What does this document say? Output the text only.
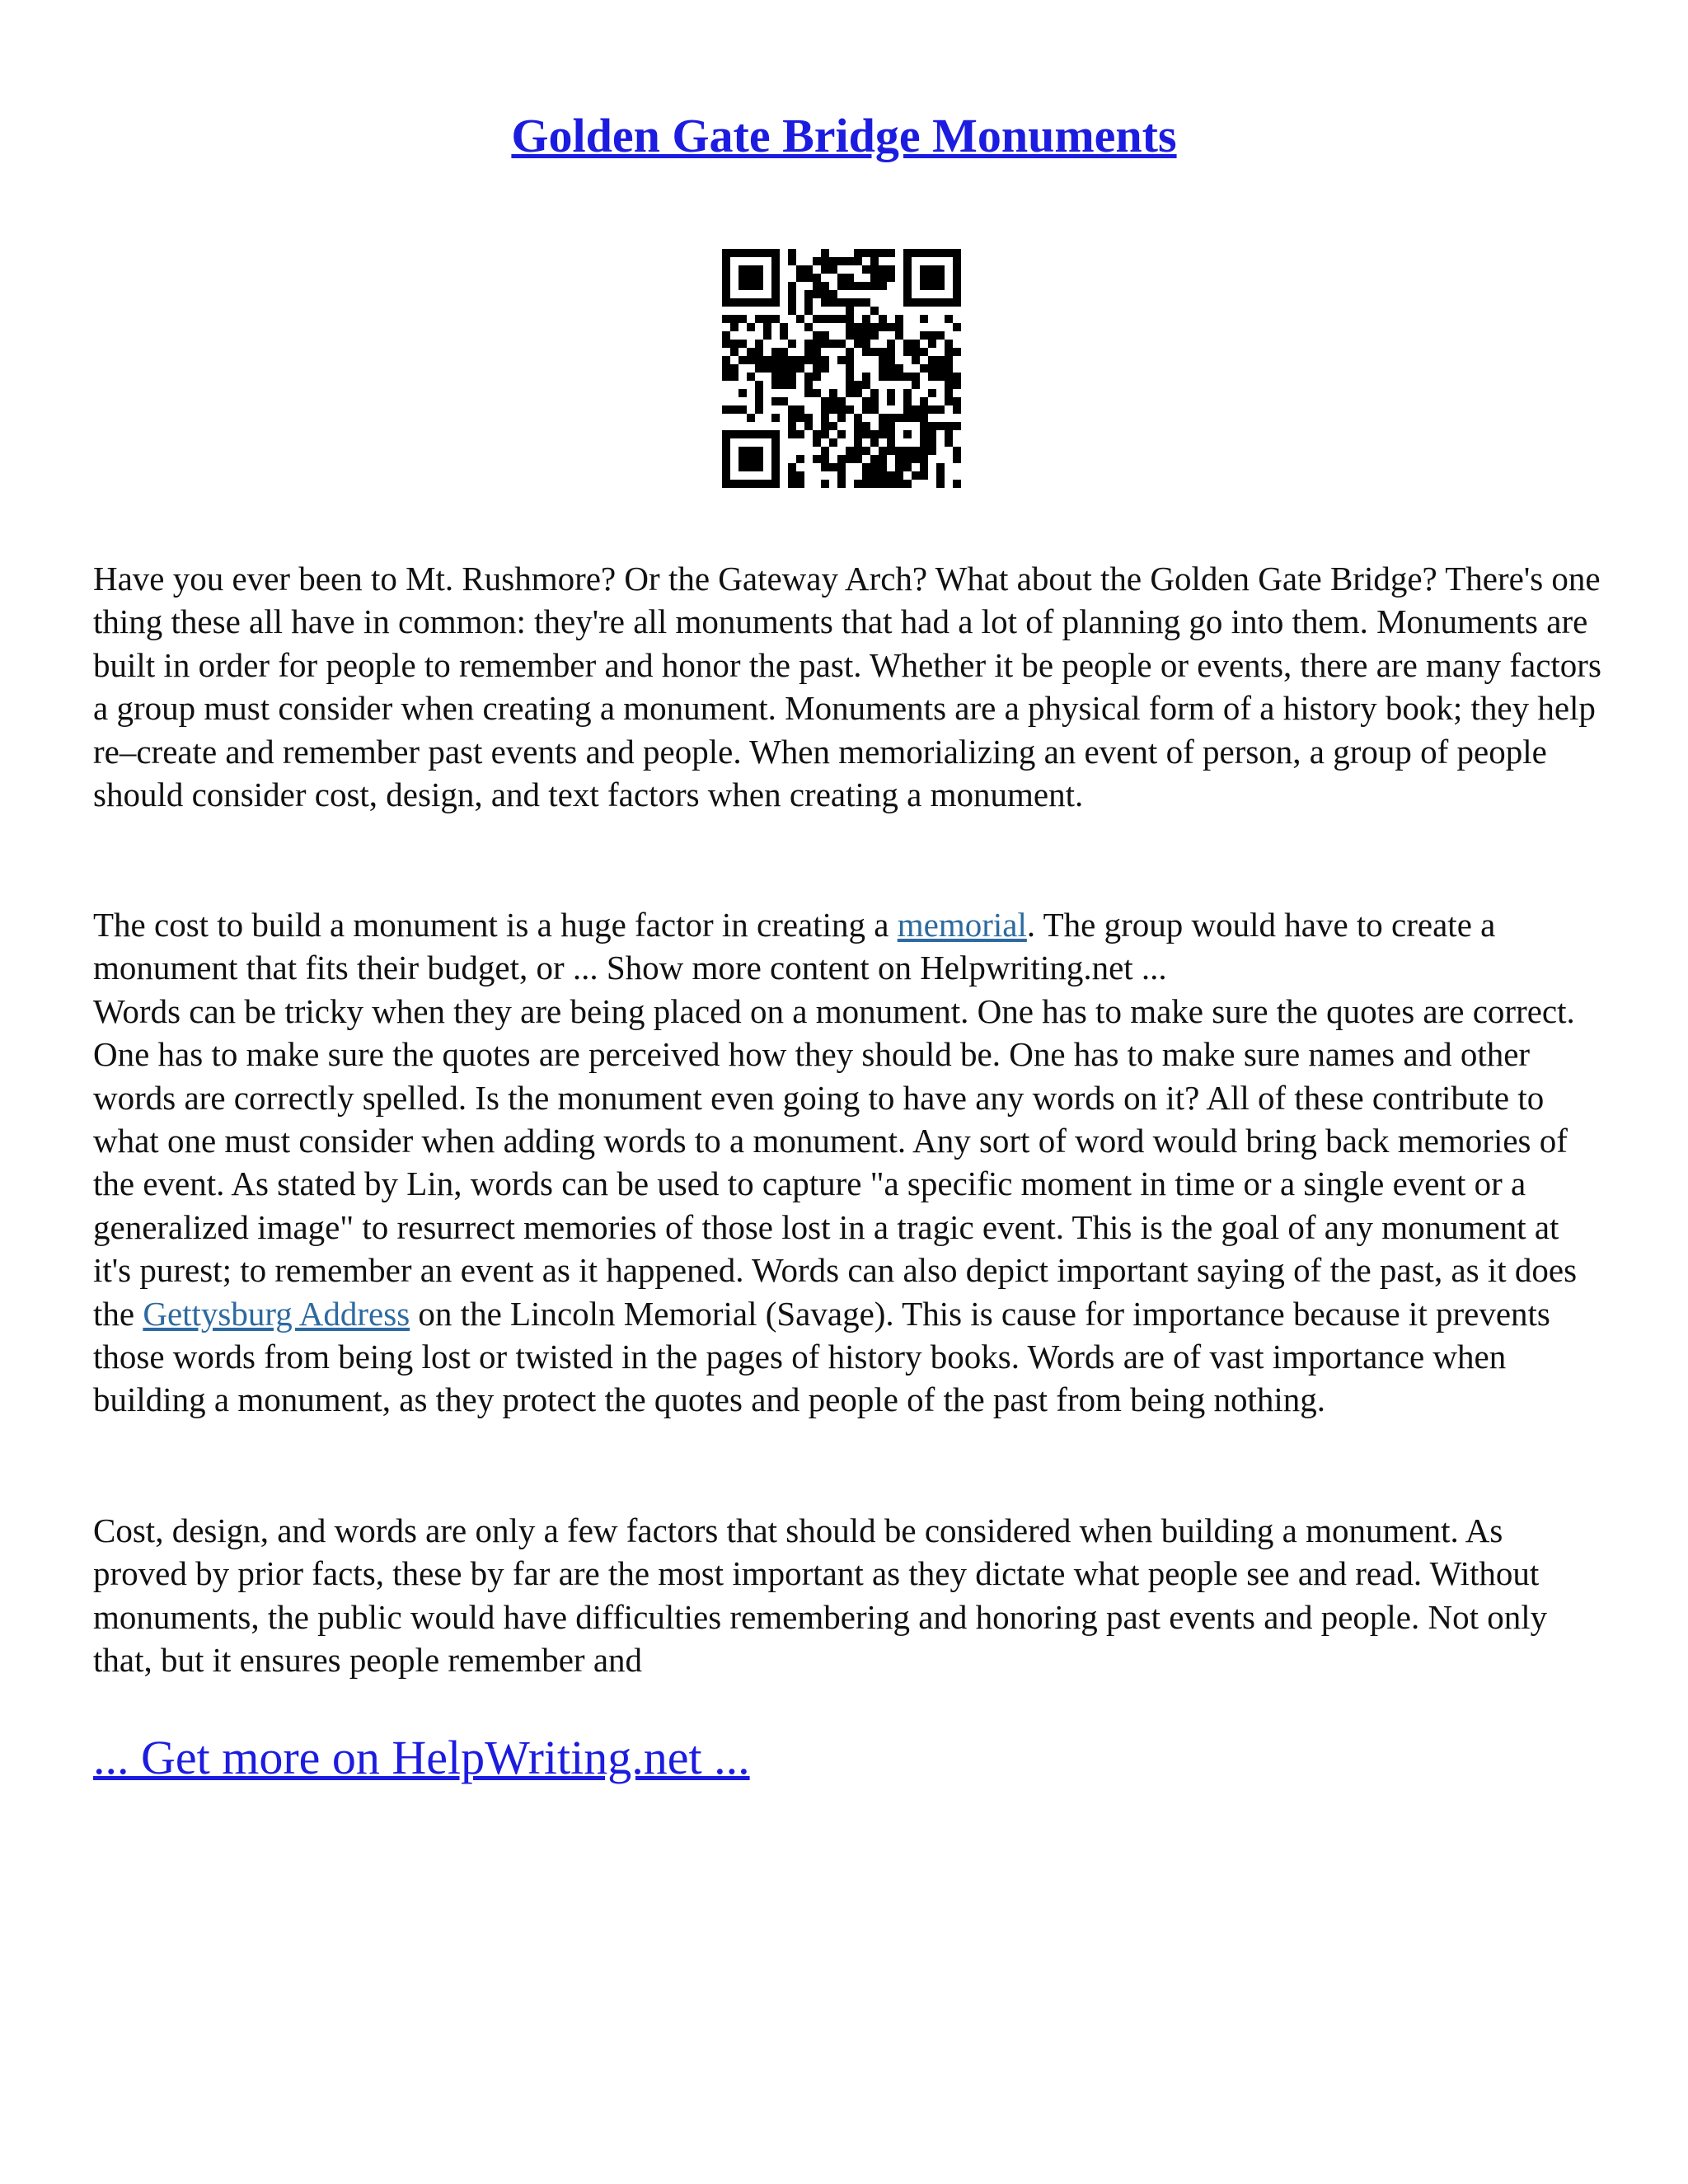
Golden Gate Bridge Monuments

Have you ever been to Mt. Rushmore? Or the Gateway Arch? What about the Golden Gate Bridge? There's one thing these all have in common: they're all monuments that had a lot of planning go into them. Monuments are built in order for people to remember and honor the past. Whether it be people or events, there are many factors a group must consider when creating a monument. Monuments are a physical form of a history book; they help re–create and remember past events and people. When memorializing an event of person, a group of people should consider cost, design, and text factors when creating a monument.

The cost to build a monument is a huge factor in creating a memorial. The group would have to create a monument that fits their budget, or ... Show more content on Helpwriting.net ...
Words can be tricky when they are being placed on a monument. One has to make sure the quotes are correct. One has to make sure the quotes are perceived how they should be. One has to make sure names and other words are correctly spelled. Is the monument even going to have any words on it? All of these contribute to what one must consider when adding words to a monument. Any sort of word would bring back memories of the event. As stated by Lin, words can be used to capture "a specific moment in time or a single event or a generalized image" to resurrect memories of those lost in a tragic event. This is the goal of any monument at it's purest; to remember an event as it happened. Words can also depict important saying of the past, as it does the Gettysburg Address on the Lincoln Memorial (Savage). This is cause for importance because it prevents those words from being lost or twisted in the pages of history books. Words are of vast importance when building a monument, as they protect the quotes and people of the past from being nothing.

Cost, design, and words are only a few factors that should be considered when building a monument. As proved by prior facts, these by far are the most important as they dictate what people see and read. Without monuments, the public would have difficulties remembering and honoring past events and people. Not only that, but it ensures people remember and

... Get more on HelpWriting.net ...
